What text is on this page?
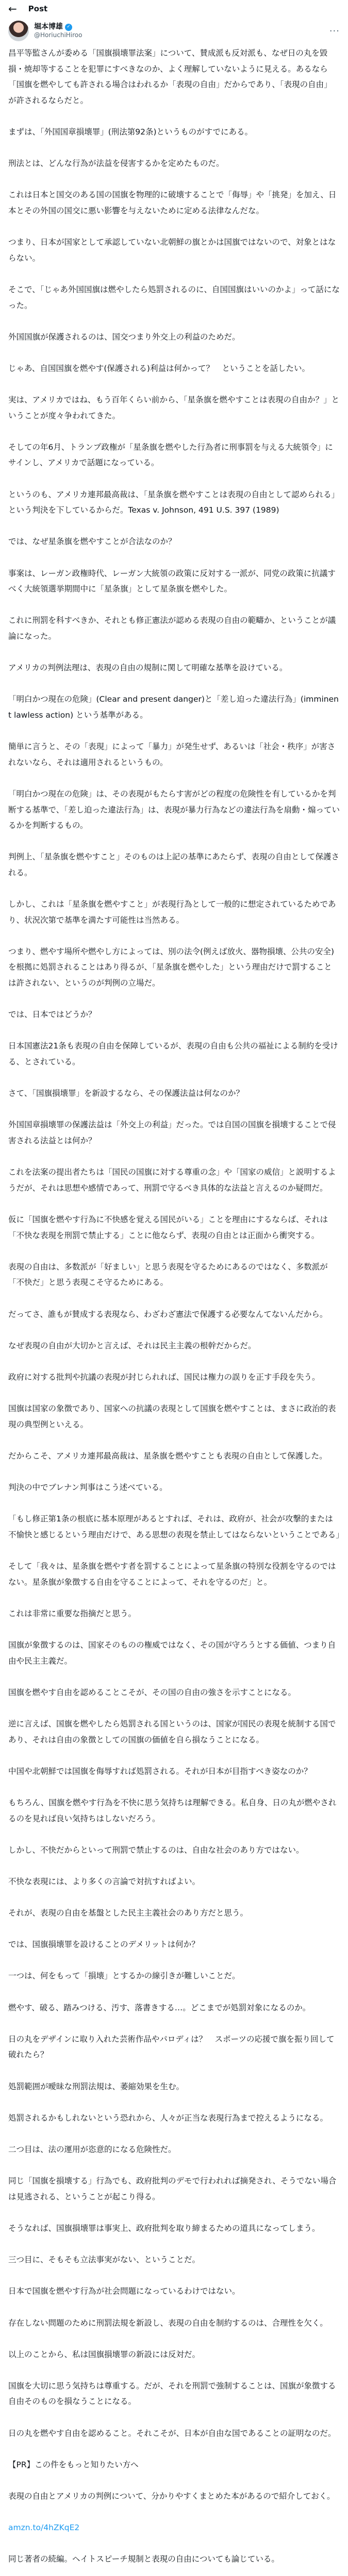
← Post
堀本博雄 ✓
@HoriuchiHiroo	···

昌平等監さんが委める「国旗損壊罪法案」について、賛成派も反対派も、なぜ日の丸を毀損・焼却等することを犯罪にすべきなのか、よく理解していないように見える。あるなら「国旗を燃やしても許される場合はわれるか「表現の自由」だからであり、「表現の自由」が許されるならだと。

まずは、「外国国章損壊罪」(刑法第92条)というものがすでにある。

刑法とは、どんな行為が法益を侵害するかを定めたものだ。

これは日本と国交のある国の国旗を物理的に破壊することで「侮辱」や「挑発」を加え、日本とその外国の国交に悪い影響を与えないために定める法律なんだな。

つまり、日本が国家として承認していない北朝鮮の旗とかは国旗ではないので、対象とはならない。

そこで、「じゃあ外国国旗は燃やしたら処罰されるのに、自国国旗はいいのかよ」って話になった。

外国国旗が保護されるのは、国交つまり外交上の利益のためだ。

じゃあ、自国国旗を燃やす(保護される)利益は何かって？　ということを話したい。

実は、アメリカではね、もう百年くらい前から、「星条旗を燃やすことは表現の自由か？」ということが度々争われてきた。

そしての年6月、トランプ政権が「星条旗を燃やした行為者に刑事罰を与える大統領令」にサインし、アメリカで話題になっている。

というのも、アメリカ連邦最高裁は、「星条旗を燃やすことは表現の自由として認められる」という判決を下しているからだ。Texas v. Johnson, 491 U.S. 397 (1989)

では、なぜ星条旗を燃やすことが合法なのか？

事案は、レーガン政権時代、レーガン大統領の政策に反対する一派が、同党の政策に抗議すべく大統領選挙期間中に「星条旗」として星条旗を燃やした。

これに刑罰を科すべきか、それとも修正憲法が認める表現の自由の範疇か、ということが議論になった。

アメリカの判例法理は、表現の自由の規制に関して明確な基準を設けている。

「明白かつ現在の危険」(Clear and present danger)と「差し迫った違法行為」(imminent lawless action) という基準がある。

簡単に言うと、その「表現」によって「暴力」が発生せず、あるいは「社会・秩序」が害されないなら、それは適用されるというもの。

「明白かつ現在の危険」は、その表現がもたらす害がどの程度の危険性を有しているかを判断する基準で、「差し迫った違法行為」は、表現が暴力行為などの違法行為を扇動・煽っているかを判断するもの。

判例上、「星条旗を燃やすこと」そのものは上記の基準にあたらず、表現の自由として保護される。

しかし、これは「星条旗を燃やすこと」が表現行為として一般的に想定されているためであり、状況次第で基準を満たす可能性は当然ある。

つまり、燃やす場所や燃やし方によっては、別の法令(例えば放火、器物損壊、公共の安全)を根拠に処罰されることはあり得るが、「星条旗を燃やした」という理由だけで罰することは許されない、というのが判例の立場だ。

では、日本ではどうか？

日本国憲法21条も表現の自由を保障しているが、表現の自由も公共の福祉による制約を受ける、とされている。

さて、「国旗損壊罪」を新設するなら、その保護法益は何なのか？

外国国章損壊罪の保護法益は「外交上の利益」だった。では自国の国旗を損壊することで侵害される法益とは何か？

これを法案の提出者たちは「国民の国旗に対する尊重の念」や「国家の威信」と説明するようだが、それは思想や感情であって、刑罰で守るべき具体的な法益と言えるのか疑問だ。

仮に「国旗を燃やす行為に不快感を覚える国民がいる」ことを理由にするならば、それは「不快な表現を刑罰で禁止する」ことに他ならず、表現の自由とは正面から衝突する。

表現の自由は、多数派が「好ましい」と思う表現を守るためにあるのではなく、多数派が「不快だ」と思う表現こそ守るためにある。

だってさ、誰もが賛成する表現なら、わざわざ憲法で保護する必要なんてないんだから。

なぜ表現の自由が大切かと言えば、それは民主主義の根幹だからだ。

政府に対する批判や抗議の表現が封じられれば、国民は権力の誤りを正す手段を失う。

国旗は国家の象徴であり、国家への抗議の表現として国旗を燃やすことは、まさに政治的表現の典型例といえる。

だからこそ、アメリカ連邦最高裁は、星条旗を燃やすことも表現の自由として保護した。

判決の中でブレナン判事はこう述べている。

「もし修正第1条の根底に基本原理があるとすれば、それは、政府が、社会が攻撃的または不愉快と感じるという理由だけで、ある思想の表現を禁止してはならないということである」

そして「我々は、星条旗を燃やす者を罰することによって星条旗の特別な役割を守るのではない。星条旗が象徴する自由を守ることによって、それを守るのだ」と。

これは非常に重要な指摘だと思う。

国旗が象徴するのは、国家そのものの権威ではなく、その国が守ろうとする価値、つまり自由や民主主義だ。

国旗を燃やす自由を認めることこそが、その国の自由の強さを示すことになる。

逆に言えば、国旗を燃やしたら処罰される国というのは、国家が国民の表現を統制する国であり、それは自由の象徴としての国旗の価値を自ら損なうことになる。

中国や北朝鮮では国旗を侮辱すれば処罰される。それが日本が目指すべき姿なのか？

もちろん、国旗を燃やす行為を不快に思う気持ちは理解できる。私自身、日の丸が燃やされるのを見れば良い気持ちはしないだろう。

しかし、不快だからといって刑罰で禁止するのは、自由な社会のあり方ではない。

不快な表現には、より多くの言論で対抗すればよい。

それが、表現の自由を基盤とした民主主義社会のあり方だと思う。

では、国旗損壊罪を設けることのデメリットは何か？

一つは、何をもって「損壊」とするかの線引きが難しいことだ。

燃やす、破る、踏みつける、汚す、落書きする…。どこまでが処罰対象になるのか。

日の丸をデザインに取り入れた芸術作品やパロディは？　スポーツの応援で旗を振り回して破れたら？

処罰範囲が曖昧な刑罰法規は、萎縮効果を生む。

処罰されるかもしれないという恐れから、人々が正当な表現行為まで控えるようになる。

二つ目は、法の運用が恣意的になる危険性だ。

同じ「国旗を損壊する」行為でも、政府批判のデモで行われれば摘発され、そうでない場合は見逃される、ということが起こり得る。

そうなれば、国旗損壊罪は事実上、政府批判を取り締まるための道具になってしまう。

三つ目に、そもそも立法事実がない、ということだ。

日本で国旗を燃やす行為が社会問題になっているわけではない。

存在しない問題のために刑罰法規を新設し、表現の自由を制約するのは、合理性を欠く。

以上のことから、私は国旗損壊罪の新設には反対だ。

国旗を大切に思う気持ちは尊重する。だが、それを刑罰で強制することは、国旗が象徴する自由そのものを損なうことになる。

日の丸を燃やす自由を認めること。それこそが、日本が自由な国であることの証明なのだ。

【PR】この件をもっと知りたい方へ

表現の自由とアメリカの判例について、分かりやすくまとめた本があるので紹介しておく。

amzn.to/4hZKqE2

同じ著者の続編。ヘイトスピーチ規制と表現の自由についても論じている。
